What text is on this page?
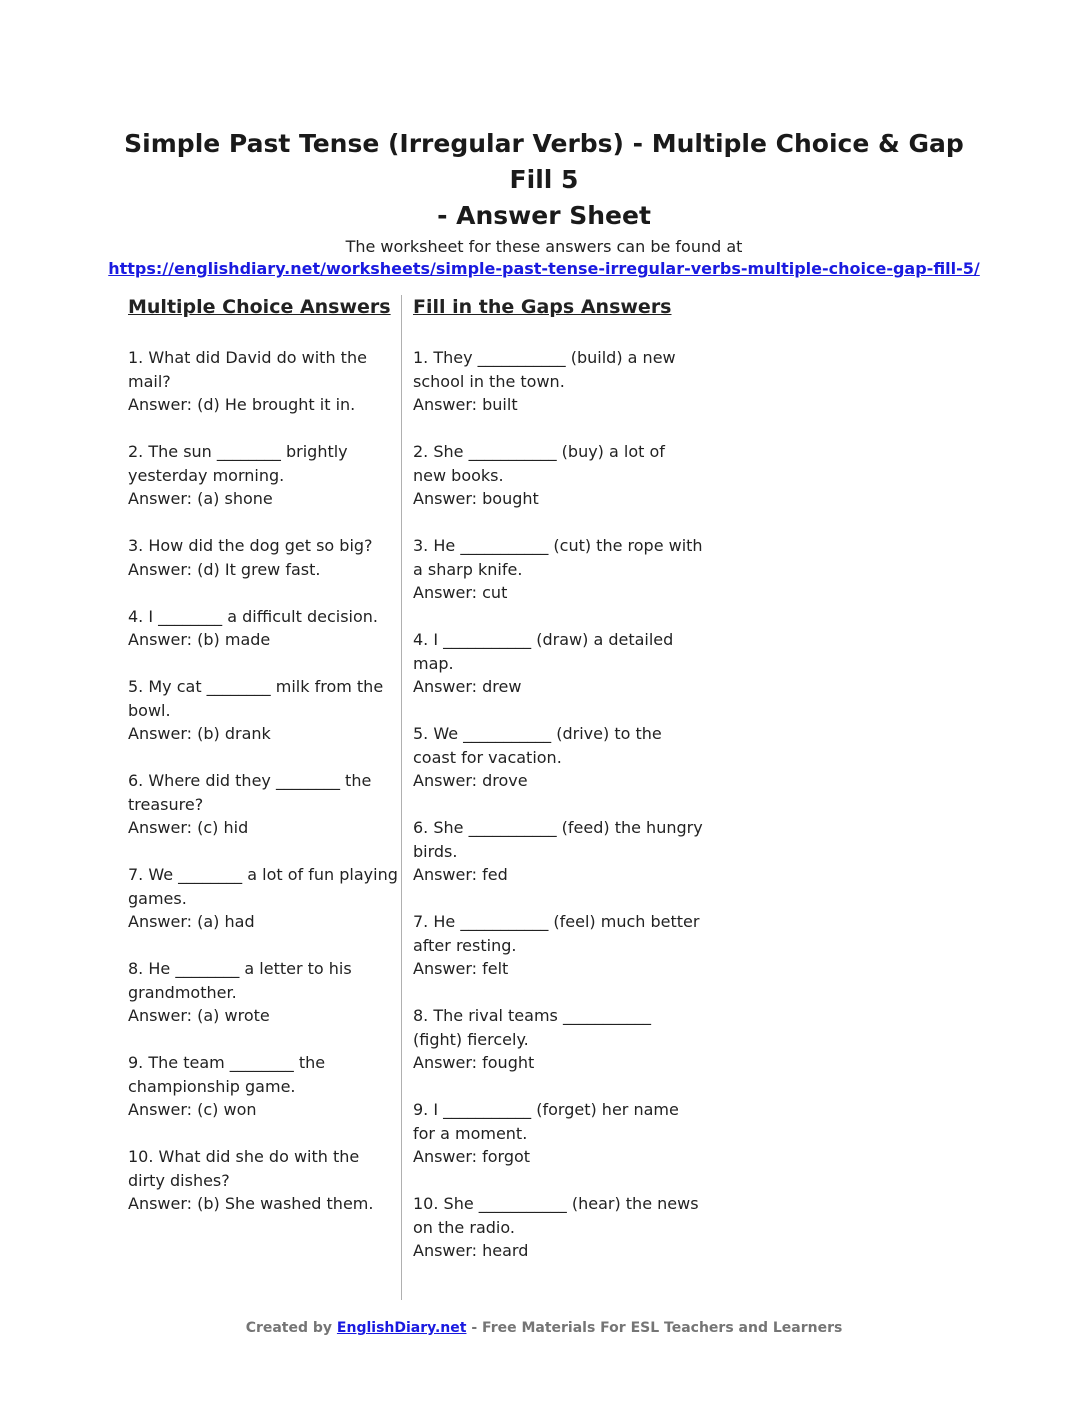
Simple Past Tense (Irregular Verbs) - Multiple Choice & Gap Fill 5
- Answer Sheet
The worksheet for these answers can be found at
https://englishdiary.net/worksheets/simple-past-tense-irregular-verbs-multiple-choice-gap-fill-5/
Multiple Choice Answers
1. What did David do with the mail?
Answer: (d) He brought it in.
2. The sun ________ brightly yesterday morning.
Answer: (a) shone
3. How did the dog get so big?
Answer: (d) It grew fast.
4. I ________ a difficult decision.
Answer: (b) made
5. My cat ________ milk from the bowl.
Answer: (b) drank
6. Where did they ________ the treasure?
Answer: (c) hid
7. We ________ a lot of fun playing games.
Answer: (a) had
8. He ________ a letter to his grandmother.
Answer: (a) wrote
9. The team ________ the championship game.
Answer: (c) won
10. What did she do with the dirty dishes?
Answer: (b) She washed them.
Fill in the Gaps Answers
1. They ___________ (build) a new school in the town.
Answer: built
2. She ___________ (buy) a lot of new books.
Answer: bought
3. He ___________ (cut) the rope with a sharp knife.
Answer: cut
4. I ___________ (draw) a detailed map.
Answer: drew
5. We ___________ (drive) to the coast for vacation.
Answer: drove
6. She ___________ (feed) the hungry birds.
Answer: fed
7. He ___________ (feel) much better after resting.
Answer: felt
8. The rival teams ___________ (fight) fiercely.
Answer: fought
9. I ___________ (forget) her name for a moment.
Answer: forgot
10. She ___________ (hear) the news on the radio.
Answer: heard
Created by EnglishDiary.net - Free Materials For ESL Teachers and Learners
